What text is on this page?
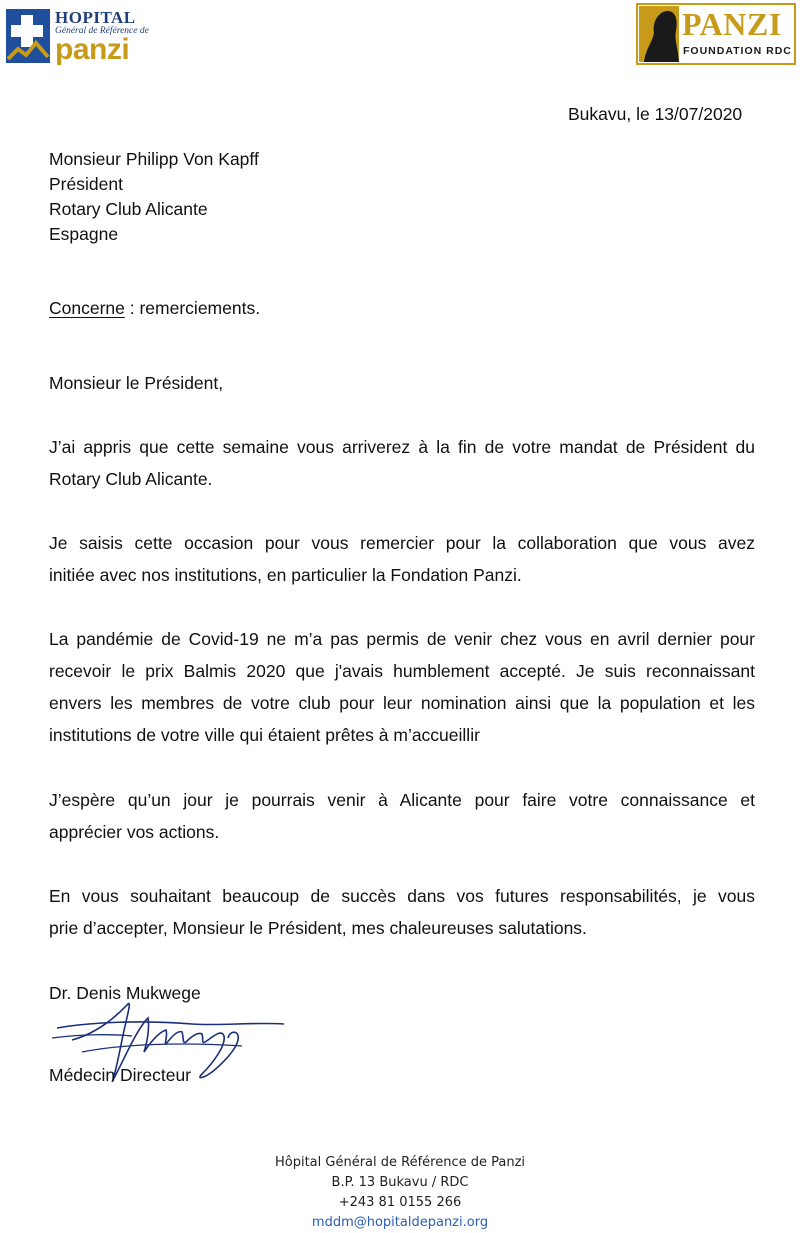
HOPITAL
Général de Référence de
panzi
PANZI
FOUNDATION RDC
Bukavu, le 13/07/2020
Monsieur Philipp Von Kapff
Président
Rotary Club Alicante
Espagne
Concerne : remerciements.
Monsieur le Président,
J’ai appris que cette semaine vous arriverez à la fin de votre mandat de Président du
Rotary Club Alicante.
Je saisis cette occasion pour vous remercier pour la collaboration que vous avez
initiée avec nos institutions, en particulier la Fondation Panzi.
La pandémie de Covid-19 ne m’a pas permis de venir chez vous en avril dernier pour
recevoir le prix Balmis 2020 que j'avais humblement accepté. Je suis reconnaissant
envers les membres de votre club pour leur nomination ainsi que la population et les
institutions de votre ville qui étaient prêtes à m’accueillir
J’espère qu’un jour je pourrais venir à Alicante pour faire votre connaissance et
apprécier vos actions.
En vous souhaitant beaucoup de succès dans vos futures responsabilités, je vous
prie d’accepter, Monsieur le Président, mes chaleureuses salutations.
Dr. Denis Mukwege
Médecin Directeur
Hôpital Général de Référence de Panzi
B.P. 13 Bukavu / RDC
+243 81 0155 266
mddm@hopitaldepanzi.org
